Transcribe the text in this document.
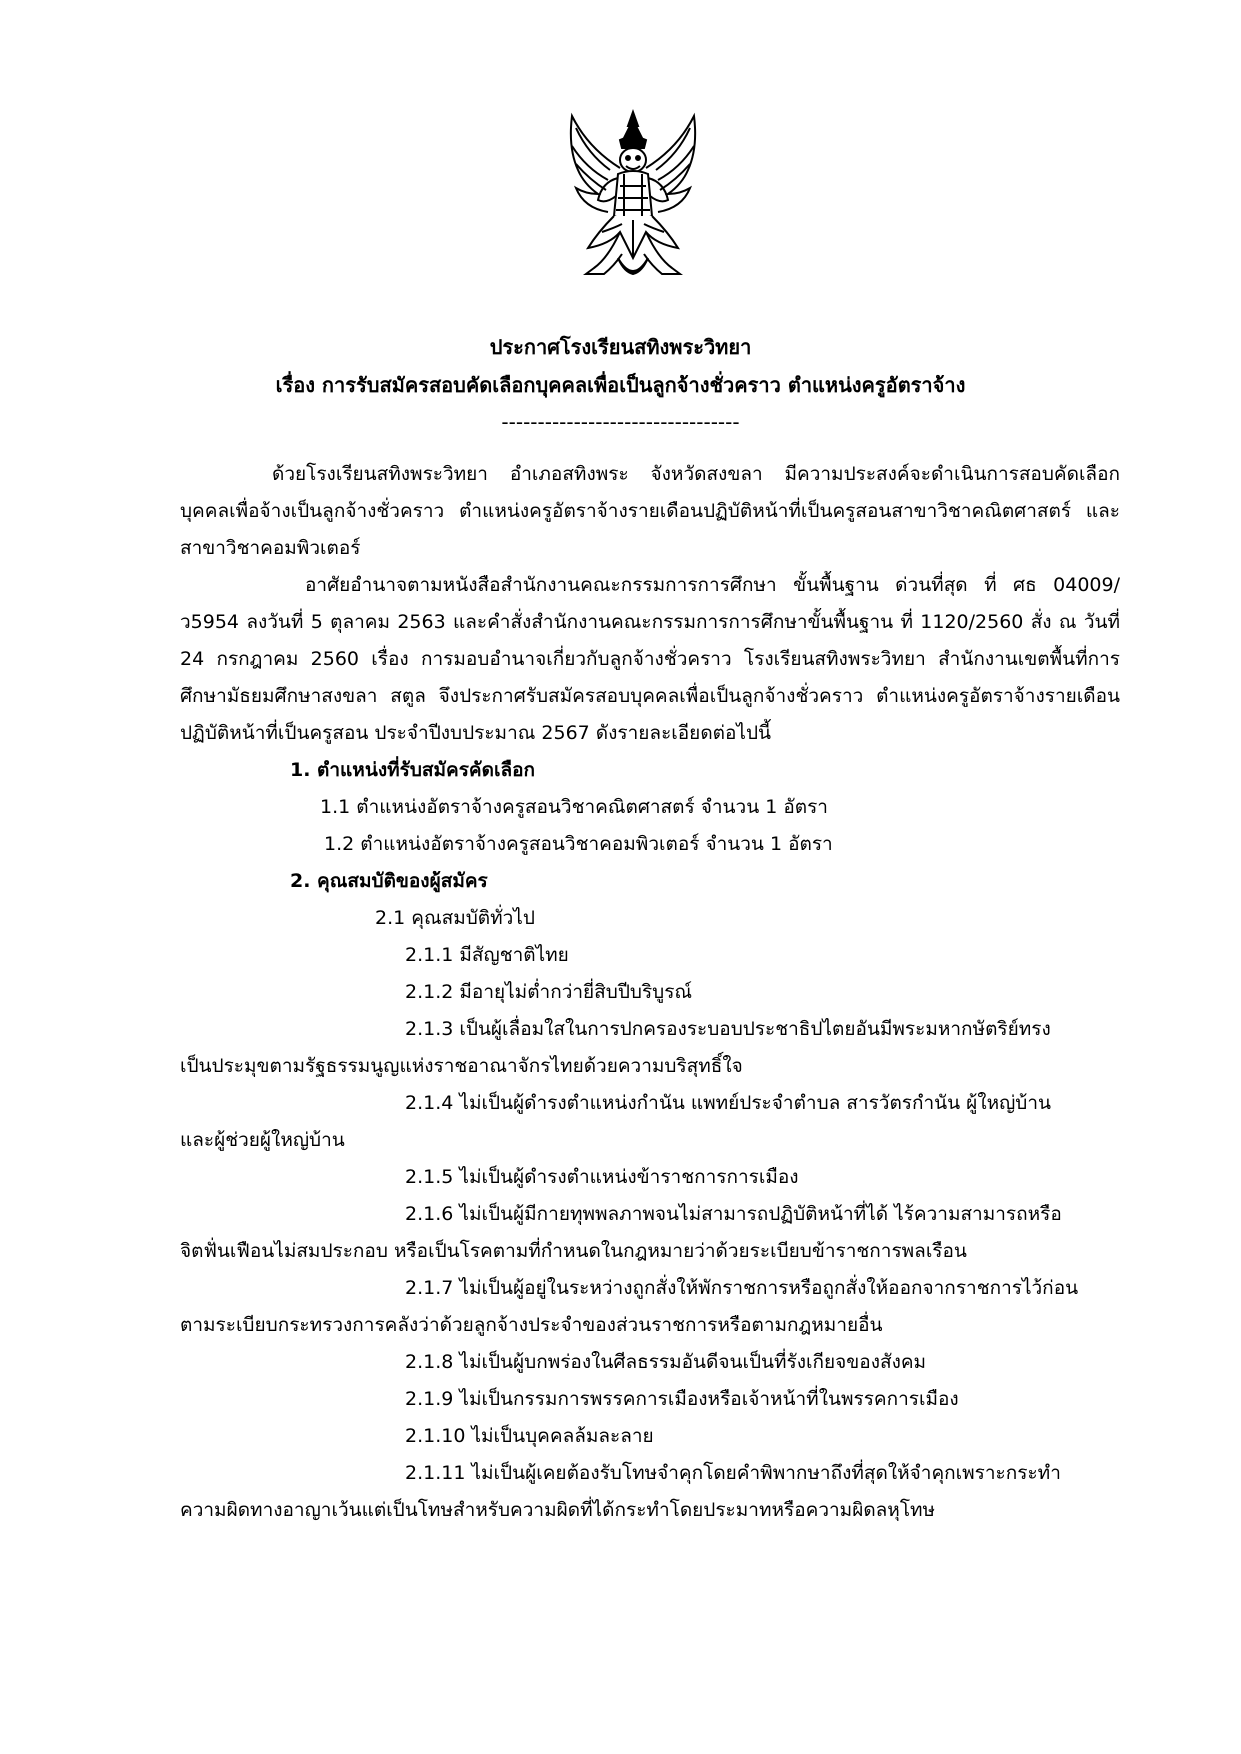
ประกาศโรงเรียนสทิงพระวิทยา
เรื่อง การรับสมัครสอบคัดเลือกบุคคลเพื่อเป็นลูกจ้างชั่วคราว ตำแหน่งครูอัตราจ้าง
---------------------------------

ด้วยโรงเรียนสทิงพระวิทยา อำเภอสทิงพระ จังหวัดสงขลา มีความประสงค์จะดำเนินการสอบคัดเลือกบุคคลเพื่อจ้างเป็นลูกจ้างชั่วคราว ตำแหน่งครูอัตราจ้างรายเดือนปฏิบัติหน้าที่เป็นครูสอนสาขาวิชาคณิตศาสตร์ และสาขาวิชาคอมพิวเตอร์

อาศัยอำนาจตามหนังสือสำนักงานคณะกรรมการการศึกษา ขั้นพื้นฐาน ด่วนที่สุด ที่ ศธ 04009/ว5954 ลงวันที่ 5 ตุลาคม 2563 และคำสั่งสำนักงานคณะกรรมการการศึกษาขั้นพื้นฐาน ที่ 1120/2560 สั่ง ณ วันที่ 24 กรกฎาคม 2560 เรื่อง การมอบอำนาจเกี่ยวกับลูกจ้างชั่วคราว โรงเรียนสทิงพระวิทยา สำนักงานเขตพื้นที่การศึกษามัธยมศึกษาสงขลา สตูล จึงประกาศรับสมัครสอบบุคคลเพื่อเป็นลูกจ้างชั่วคราว ตำแหน่งครูอัตราจ้างรายเดือนปฏิบัติหน้าที่เป็นครูสอน ประจำปีงบประมาณ 2567 ดังรายละเอียดต่อไปนี้

1. ตำแหน่งที่รับสมัครคัดเลือก

1.1 ตำแหน่งอัตราจ้างครูสอนวิชาคณิตศาสตร์ จำนวน 1 อัตรา

1.2 ตำแหน่งอัตราจ้างครูสอนวิชาคอมพิวเตอร์ จำนวน 1 อัตรา

2. คุณสมบัติของผู้สมัคร

2.1 คุณสมบัติทั่วไป

2.1.1 มีสัญชาติไทย

2.1.2 มีอายุไม่ต่ำกว่ายี่สิบปีบริบูรณ์

2.1.3 เป็นผู้เลื่อมใสในการปกครองระบอบประชาธิปไตยอันมีพระมหากษัตริย์ทรง
เป็นประมุขตามรัฐธรรมนูญแห่งราชอาณาจักรไทยด้วยความบริสุทธิ์ใจ

2.1.4 ไม่เป็นผู้ดำรงตำแหน่งกำนัน แพทย์ประจำตำบล สารวัตรกำนัน ผู้ใหญ่บ้าน
และผู้ช่วยผู้ใหญ่บ้าน

2.1.5 ไม่เป็นผู้ดำรงตำแหน่งข้าราชการการเมือง

2.1.6 ไม่เป็นผู้มีกายทุพพลภาพจนไม่สามารถปฏิบัติหน้าที่ได้ ไร้ความสามารถหรือ
จิตฟั่นเฟือนไม่สมประกอบ หรือเป็นโรคตามที่กำหนดในกฎหมายว่าด้วยระเบียบข้าราชการพลเรือน

2.1.7 ไม่เป็นผู้อยู่ในระหว่างถูกสั่งให้พักราชการหรือถูกสั่งให้ออกจากราชการไว้ก่อน
ตามระเบียบกระทรวงการคลังว่าด้วยลูกจ้างประจำของส่วนราชการหรือตามกฎหมายอื่น

2.1.8 ไม่เป็นผู้บกพร่องในศีลธรรมอันดีจนเป็นที่รังเกียจของสังคม

2.1.9 ไม่เป็นกรรมการพรรคการเมืองหรือเจ้าหน้าที่ในพรรคการเมือง

2.1.10 ไม่เป็นบุคคลล้มละลาย

2.1.11 ไม่เป็นผู้เคยต้องรับโทษจำคุกโดยคำพิพากษาถึงที่สุดให้จำคุกเพราะกระทำ
ความผิดทางอาญาเว้นแต่เป็นโทษสำหรับความผิดที่ได้กระทำโดยประมาทหรือความผิดลหุโทษ
